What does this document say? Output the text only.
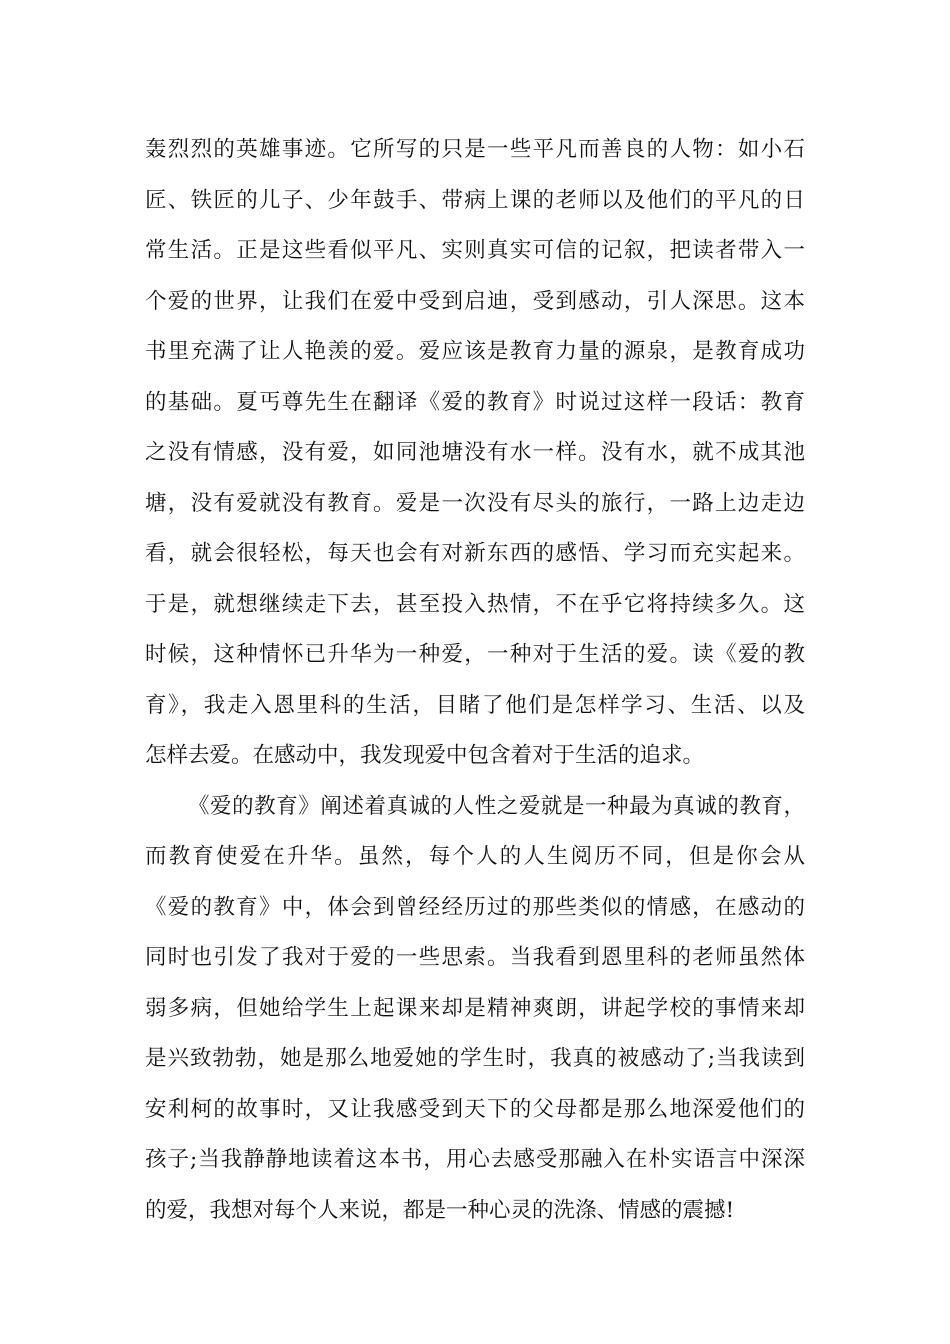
轰烈烈的英雄事迹。它所写的只是一些平凡而善良的人物：如小石
匠、铁匠的儿子、少年鼓手、带病上课的老师以及他们的平凡的日
常生活。正是这些看似平凡、实则真实可信的记叙，把读者带入一
个爱的世界，让我们在爱中受到启迪，受到感动，引人深思。这本
书里充满了让人艳羡的爱。爱应该是教育力量的源泉，是教育成功
的基础。夏丐尊先生在翻译《爱的教育》时说过这样一段话：教育
之没有情感，没有爱，如同池塘没有水一样。没有水，就不成其池
塘，没有爱就没有教育。爱是一次没有尽头的旅行，一路上边走边
看，就会很轻松，每天也会有对新东西的感悟、学习而充实起来。
于是，就想继续走下去，甚至投入热情，不在乎它将持续多久。这
时候，这种情怀已升华为一种爱，一种对于生活的爱。读《爱的教
育》，我走入恩里科的生活，目睹了他们是怎样学习、生活、以及
怎样去爱。在感动中，我发现爱中包含着对于生活的追求。
《爱的教育》阐述着真诚的人性之爱就是一种最为真诚的教育，
而教育使爱在升华。虽然，每个人的人生阅历不同，但是你会从
《爱的教育》中，体会到曾经经历过的那些类似的情感，在感动的
同时也引发了我对于爱的一些思索。当我看到恩里科的老师虽然体
弱多病，但她给学生上起课来却是精神爽朗，讲起学校的事情来却
是兴致勃勃，她是那么地爱她的学生时，我真的被感动了;当我读到
安利柯的故事时，又让我感受到天下的父母都是那么地深爱他们的
孩子;当我静静地读着这本书，用心去感受那融入在朴实语言中深深
的爱，我想对每个人来说，都是一种心灵的洗涤、情感的震撼!
